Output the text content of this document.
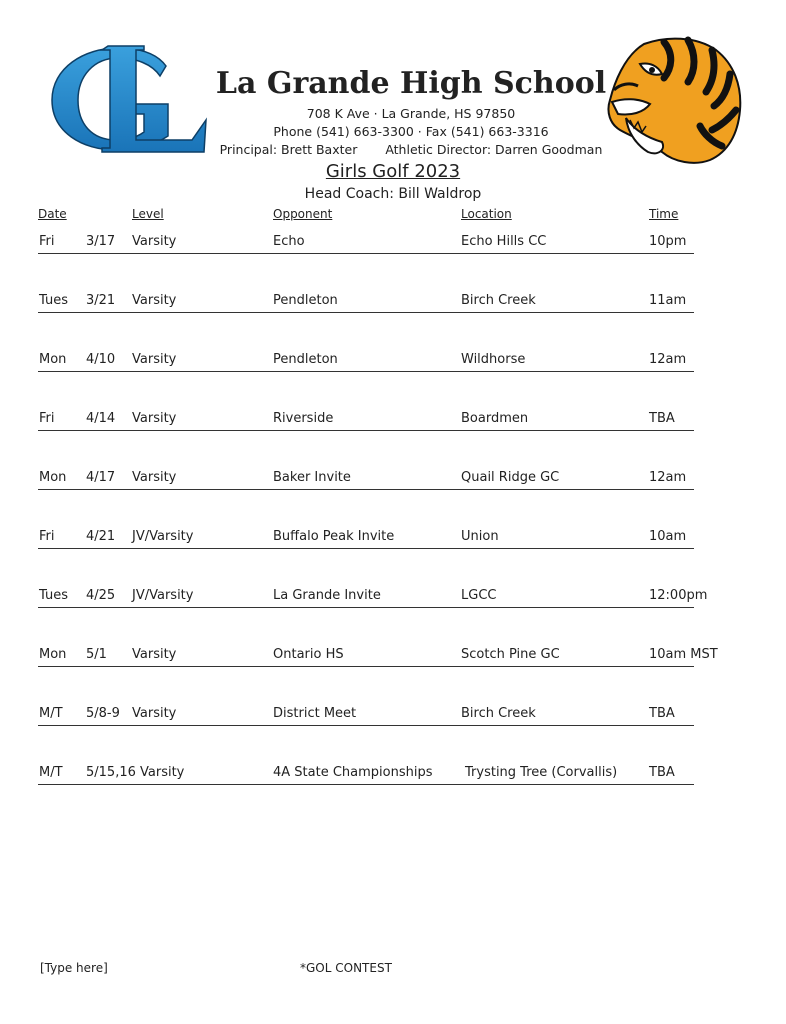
La Grande High School
708 K Ave · La Grande, HS 97850
Phone (541) 663-3300 · Fax (541) 663-3316
Principal: Brett Baxter Athletic Director: Darren Goodman
Girls Golf 2023
Head Coach: Bill Waldrop
Date	Level	Opponent	Location	Time
Fri 3/17 Varsity	Echo	Echo Hills CC	10pm
Tues 3/21 Varsity	Pendleton	Birch Creek	11am
Mon 4/10 Varsity	Pendleton	Wildhorse	12am
Fri 4/14 Varsity	Riverside	Boardmen	TBA
Mon 4/17 Varsity	Baker Invite	Quail Ridge GC	12am
Fri 4/21 JV/Varsity	Buffalo Peak Invite	Union	10am
Tues 4/25 JV/Varsity	La Grande Invite	LGCC	12:00pm
Mon 5/1 Varsity	Ontario HS	Scotch Pine GC	10am MST
M/T 5/8-9 Varsity	District Meet	Birch Creek	TBA
M/T 5/15,16 Varsity	4A State Championships	Trysting Tree (Corvallis) TBA
[Type here]	*GOL CONTEST
